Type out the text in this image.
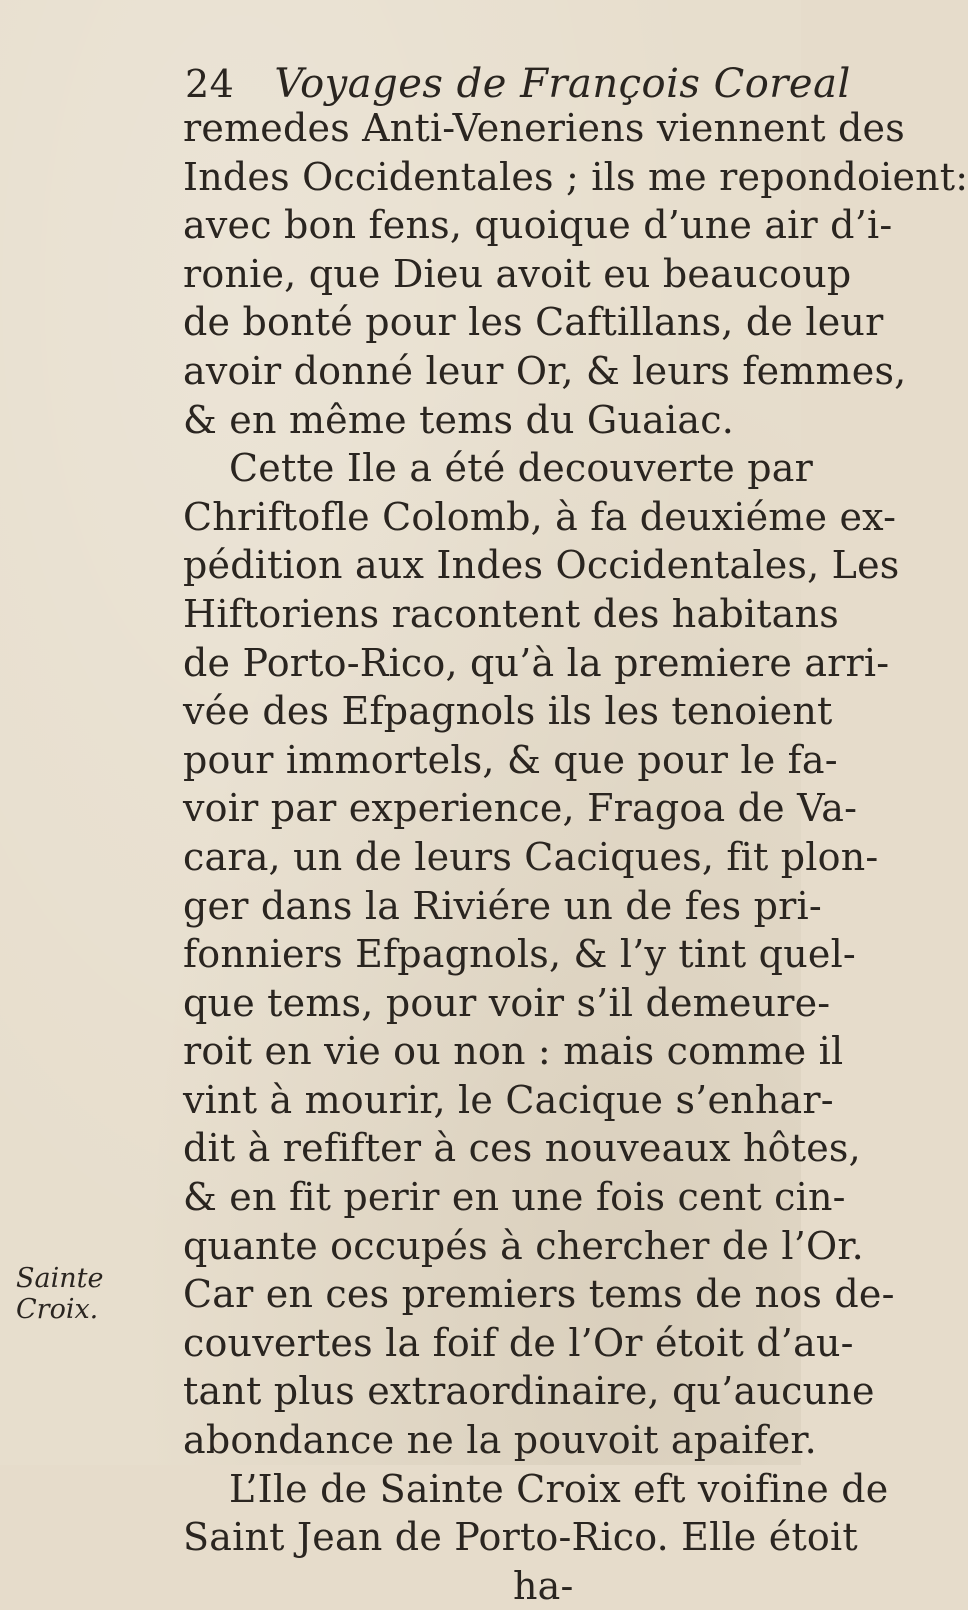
24 Voyages de François Coreal
remedes Anti-Veneriens viennent des
Indes Occidentales ; ils me repondoient:
avec bon fens, quoique d’une air d’i-
ronie, que Dieu avoit eu beaucoup
de bonté pour les Caftillans, de leur
avoir donné leur Or, & leurs femmes,
& en même tems du Guaiac.
Cette Ile a été decouverte par
Chriftofle Colomb, à fa deuxiéme ex-
pédition aux Indes Occidentales, Les
Hiftoriens racontent des habitans
de Porto-Rico, qu’à la premiere arri-
vée des Efpagnols ils les tenoient
pour immortels, & que pour le fa-
voir par experience, Fragoa de Va-
cara, un de leurs Caciques, fit plon-
ger dans la Riviére un de fes pri-
fonniers Efpagnols, & l’y tint quel-
que tems, pour voir s’il demeure-
roit en vie ou non : mais comme il
vint à mourir, le Cacique s’enhar-
dit à refifter à ces nouveaux hôtes,
& en fit perir en une fois cent cin-
quante occupés à chercher de l’Or.
Car en ces premiers tems de nos de-
couvertes la foif de l’Or étoit d’au-
tant plus extraordinaire, qu’aucune
abondance ne la pouvoit apaifer.
L’Ile de Sainte Croix eft voifine de
Saint Jean de Porto-Rico. Elle étoit
ha-
Sainte
Croix.
